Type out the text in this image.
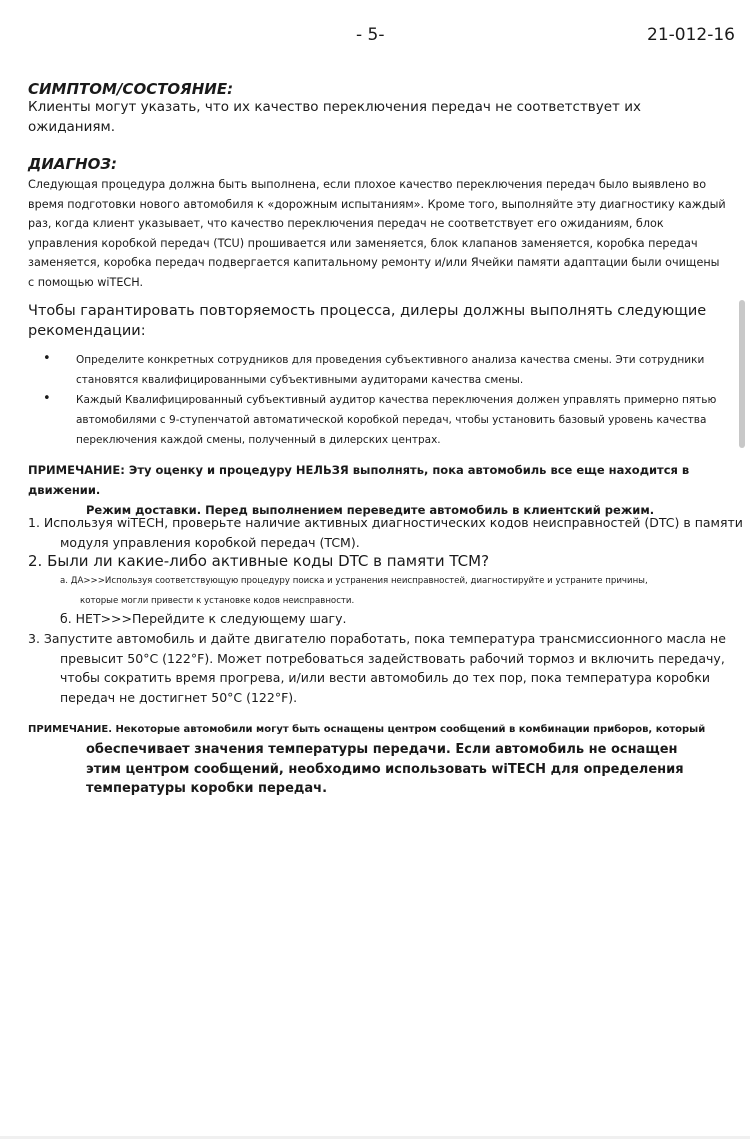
- 5-	21-012-16
СИМПТОМ/СОСТОЯНИЕ:

Клиенты могут указать, что их качество переключения передач не соответствует их ожиданиям.

ДИАГНОЗ:

Следующая процедура должна быть выполнена, если плохое качество переключения передач было выявлено во время подготовки нового автомобиля к «дорожным испытаниям». Кроме того, выполняйте эту диагностику каждый раз, когда клиент указывает, что качество переключения передач не соответствует его ожиданиям, блок управления коробкой передач (TCU) прошивается или заменяется, блок клапанов заменяется, коробка передач заменяется, коробка передач подвергается капитальному ремонту и/или Ячейки памяти адаптации были очищены с помощью wiTECH.

Чтобы гарантировать повторяемость процесса, дилеры должны выполнять следующие рекомендации:

• Определите конкретных сотрудников для проведения субъективного анализа качества смены. Эти сотрудники становятся квалифицированными субъективными аудиторами качества смены.
• Каждый Квалифицированный субъективный аудитор качества переключения должен управлять примерно пятью автомобилями с 9-ступенчатой автоматической коробкой передач, чтобы установить базовый уровень качества переключения каждой смены, полученный в дилерских центрах.

ПРИМЕЧАНИЕ: Эту оценку и процедуру НЕЛЬЗЯ выполнять, пока автомобиль все еще находится в движении.
Режим доставки. Перед выполнением переведите автомобиль в клиентский режим.

1. Используя wiTECH, проверьте наличие активных диагностических кодов неисправностей (DTC) в памяти модуля управления коробкой передач (TCM).

2. Были ли какие-либо активные коды DTC в памяти TCM?

а. ДА>>>Используя соответствующую процедуру поиска и устранения неисправностей, диагностируйте и устраните причины,
которые могли привести к установке кодов неисправности.

б. НЕТ>>>Перейдите к следующему шагу.

3. Запустите автомобиль и дайте двигателю поработать, пока температура трансмиссионного масла не превысит 50°C (122°F). Может потребоваться задействовать рабочий тормоз и включить передачу, чтобы сократить время прогрева, и/или вести автомобиль до тех пор, пока температура коробки передач не достигнет 50°C (122°F).

ПРИМЕЧАНИЕ. Некоторые автомобили могут быть оснащены центром сообщений в комбинации приборов, который
обеспечивает значения температуры передачи. Если автомобиль не оснащен этим центром сообщений, необходимо использовать wiTECH для определения температуры коробки передач.
